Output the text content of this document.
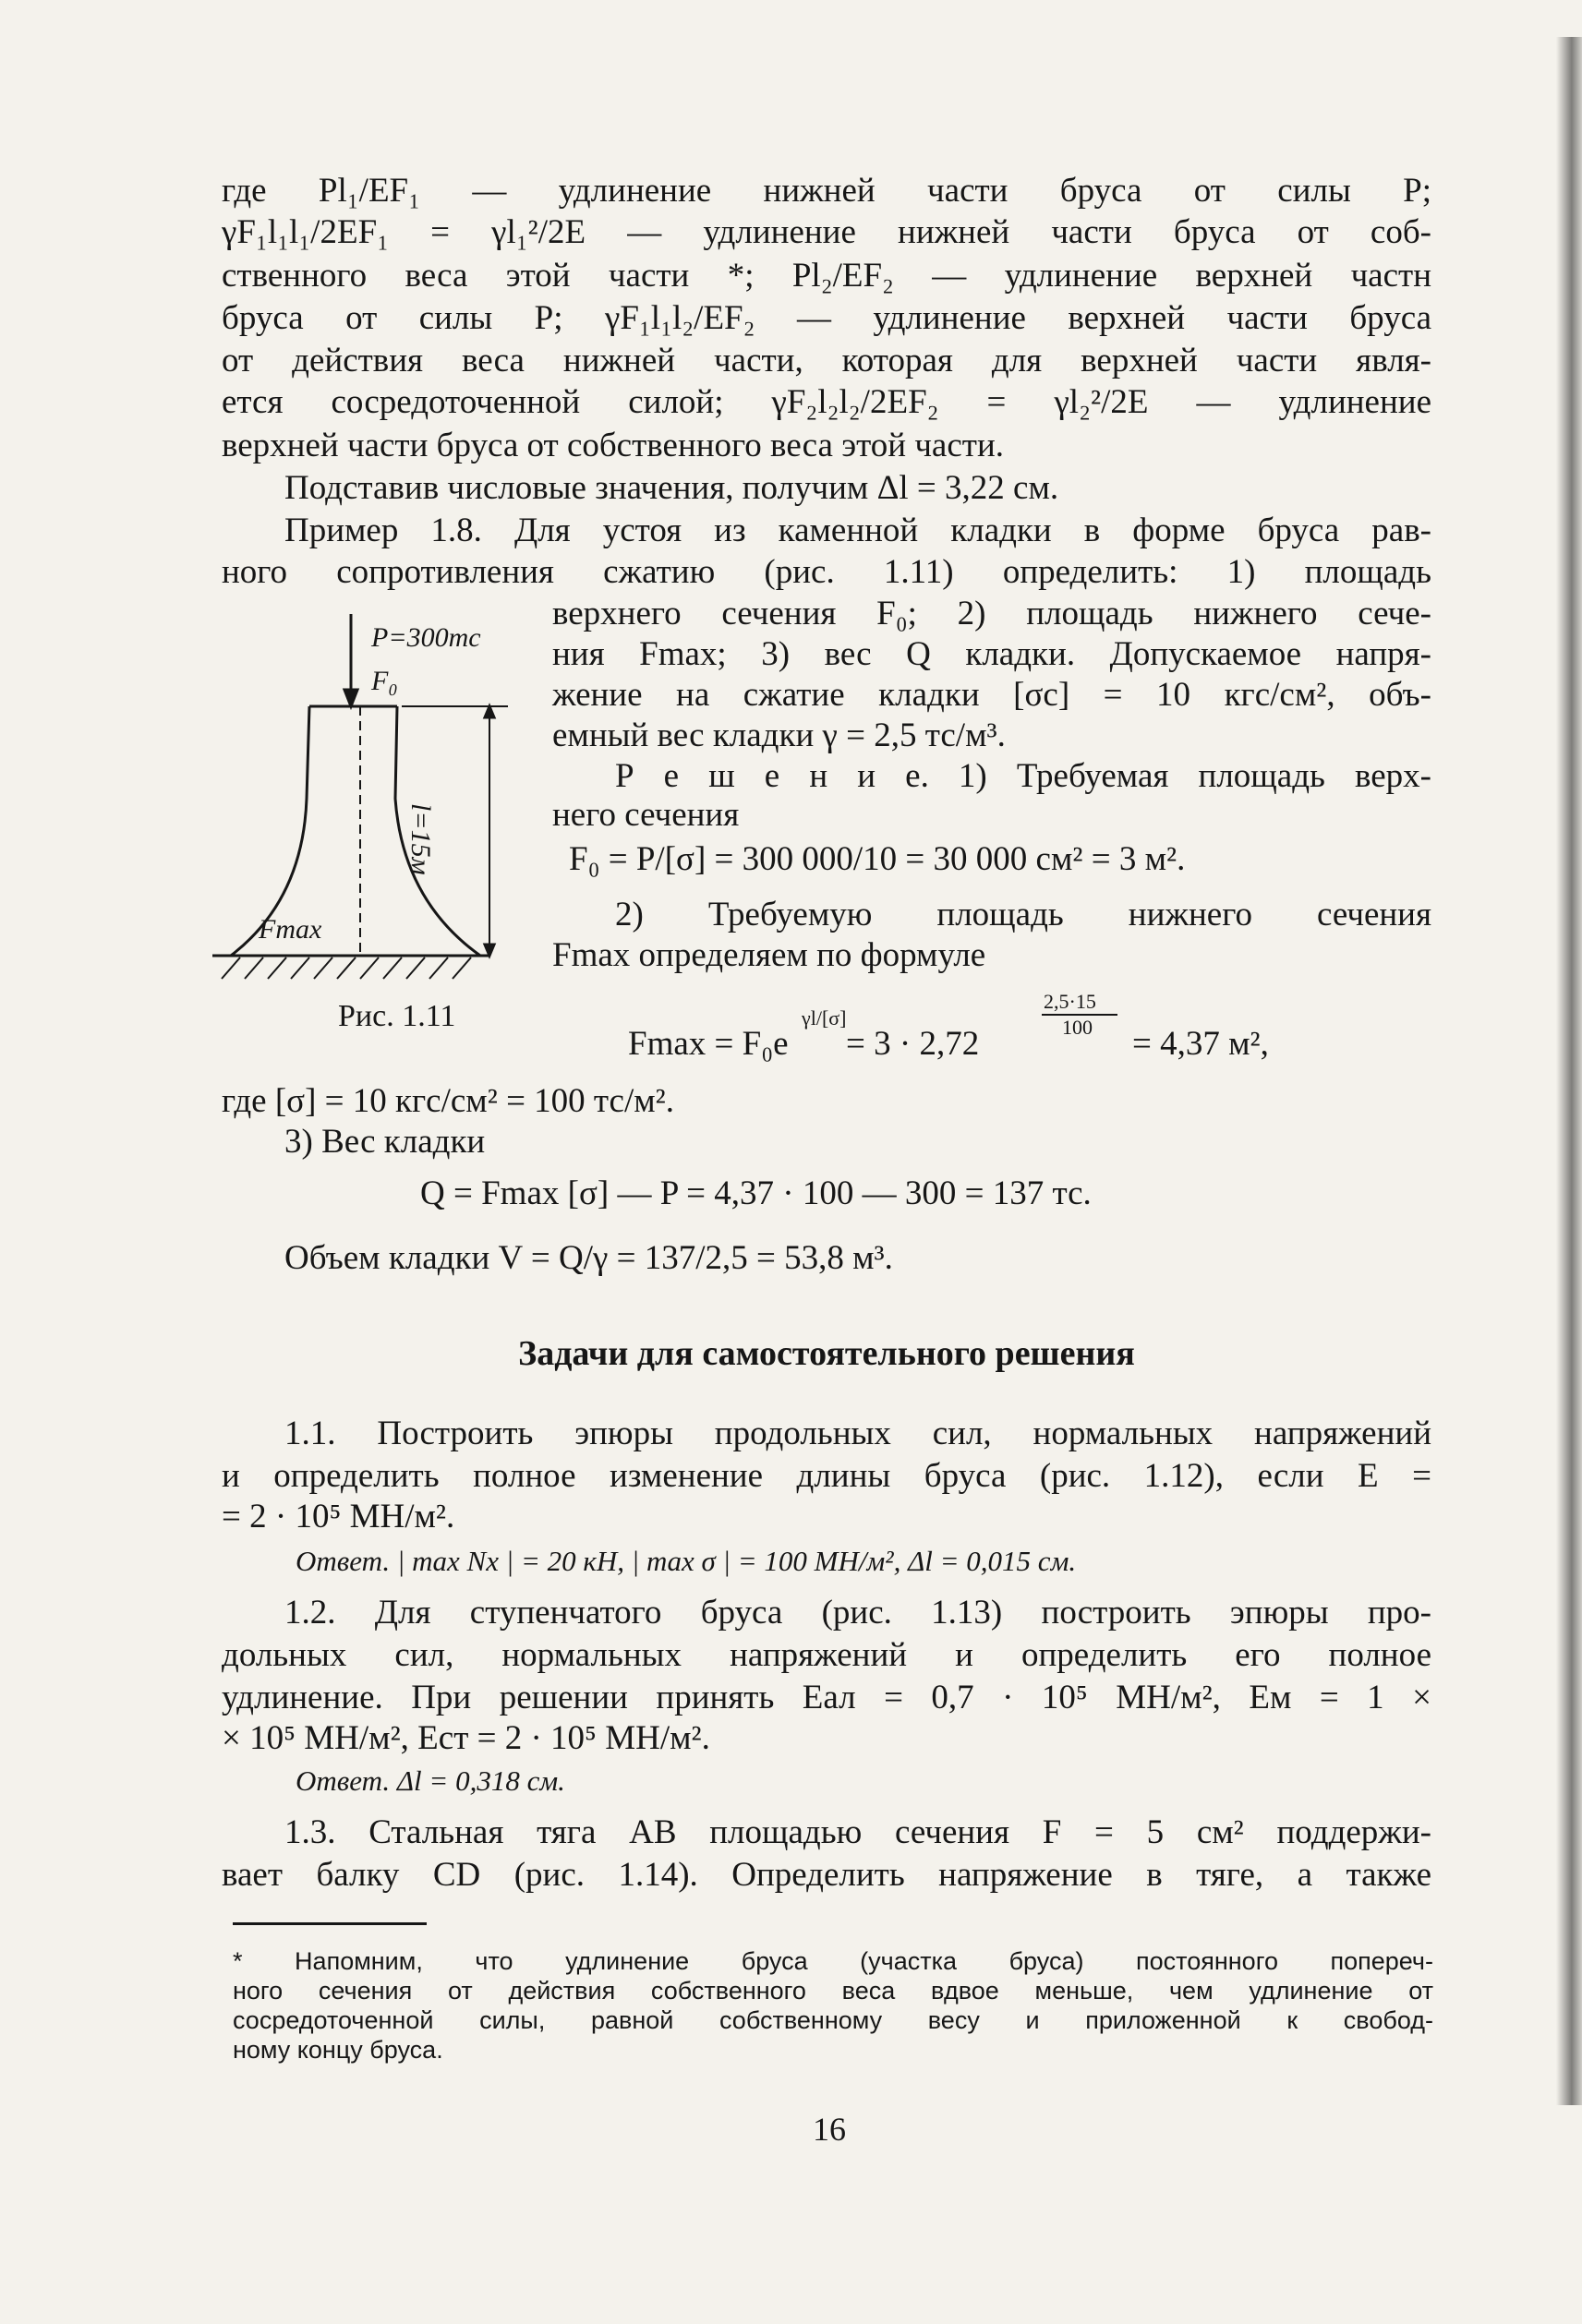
где Pl₁/EF₁ — удлинение нижней части бруса от силы P;
γF₁l₁l₁/2EF₁ = γl₁²/2E — удлинение нижней части бруса от соб-
ственного веса этой части *; Pl₂/EF₂ — удлинение верхней частн
бруса от силы P; γF₁l₁l₂/EF₂ — удлинение верхней части бруса
от действия веса нижней части, которая для верхней части явля-
ется сосредоточенной силой; γF₂l₂l₂/2EF₂ = γl₂²/2E — удлинение
верхней части бруса от собственного веса этой части.
Подставив числовые значения, получим Δl = 3,22 см.
Пример 1.8. Для устоя из каменной кладки в форме бруса рав-
ного сопротивления сжатию (рис. 1.11) определить: 1) площадь
верхнего сечения F₀; 2) площадь нижнего сече-
ния Fmax; 3) вес Q кладки. Допускаемое напря-
жение на сжатие кладки [σc] = 10 кгс/см², объ-
емный вес кладки γ = 2,5 тс/м³.
Р е ш е н и е. 1) Требуемая площадь верх-
него сечения
F₀ = P/[σ] = 300 000/10 = 30 000 см² = 3 м².
2) Требуемую площадь нижнего сечения
Fmax определяем по формуле
Fmax = F₀e
γl/[σ]
= 3 · 2,72
2,5·15
100 = 4,37 м²,
где [σ] = 10 кгс/см² = 100 тс/м².
3) Вес кладки
Q = Fmax [σ] — P = 4,37 · 100 — 300 = 137 тс.
Объем кладки V = Q/γ = 137/2,5 = 53,8 м³.
P=300тс
F₀
l=15м
Fmax
Рис. 1.11
Задачи для самостоятельного решения
1.1. Построить эпюры продольных сил, нормальных напряжений
и определить полное изменение длины бруса (рис. 1.12), если E =
= 2 · 10⁵ МН/м².
Ответ. | max Nx | = 20 кН, | max σ | = 100 МН/м², Δl = 0,015 см.
1.2. Для ступенчатого бруса (рис. 1.13) построить эпюры про-
дольных сил, нормальных напряжений и определить его полное
удлинение. При решении принять Eал = 0,7 · 10⁵ МН/м², Eм = 1 ×
× 10⁵ МН/м², Eст = 2 · 10⁵ МН/м².
Ответ. Δl = 0,318 см.
1.3. Стальная тяга AB площадью сечения F = 5 см² поддержи-
вает балку CD (рис. 1.14). Определить напряжение в тяге, а также
* Напомним, что удлинение бруса (участка бруса) постоянного попереч-
ного сечения от действия собственного веса вдвое меньше, чем удлинение от
сосредоточенной силы, равной собственному весу и приложенной к свобод-
ному концу бруса.
16
